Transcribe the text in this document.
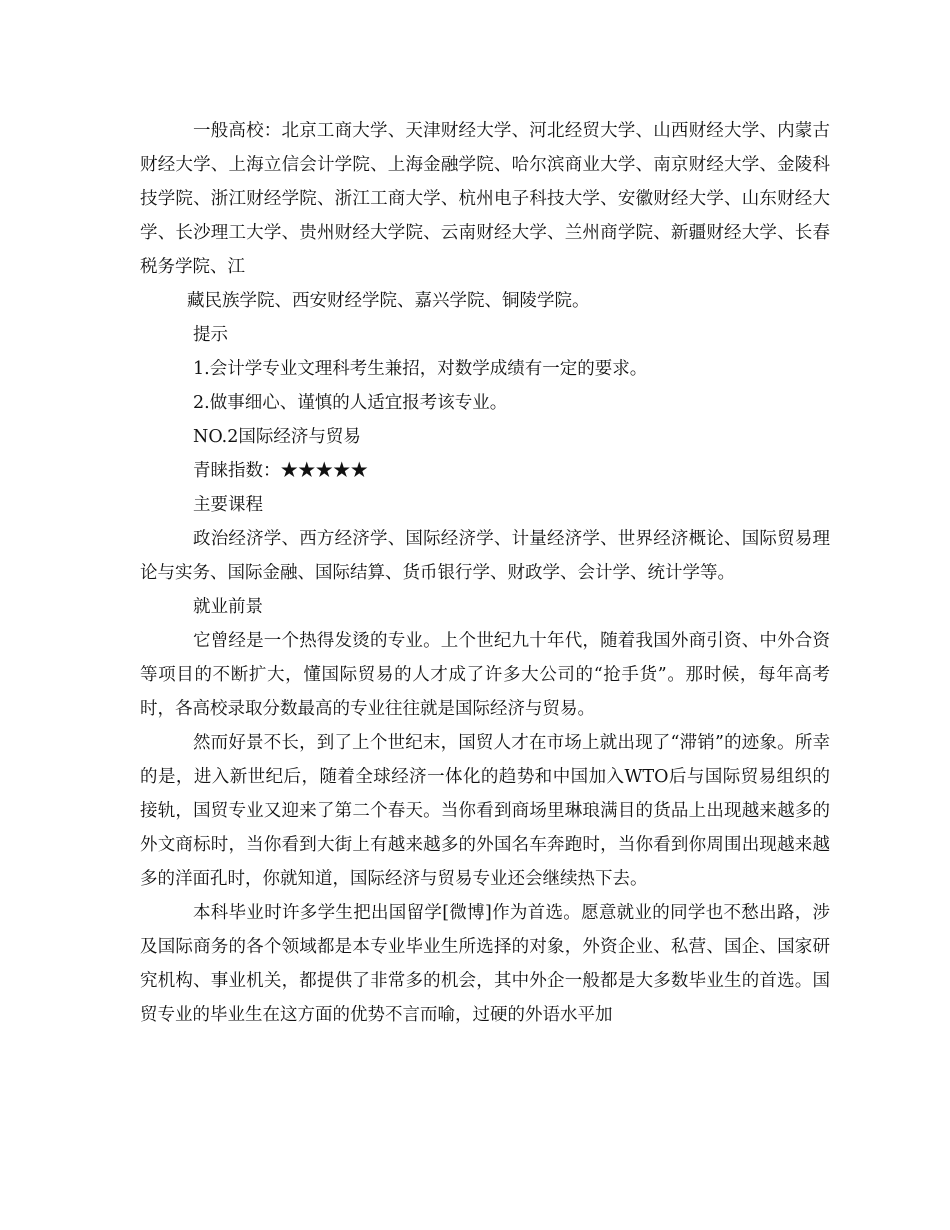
一般高校：北京工商大学、天津财经大学、河北经贸大学、山西财经大学、内蒙古财经大学、上海立信会计学院、上海金融学院、哈尔滨商业大学、南京财经大学、金陵科技学院、浙江财经学院、浙江工商大学、杭州电子科技大学、安徽财经大学、山东财经大学、长沙理工大学、贵州财经大学院、云南财经大学、兰州商学院、新疆财经大学、长春税务学院、江

藏民族学院、西安财经学院、嘉兴学院、铜陵学院。

提示

1.会计学专业文理科考生兼招，对数学成绩有一定的要求。

2.做事细心、谨慎的人适宜报考该专业。

NO.2国际经济与贸易

青睐指数：★★★★★

主要课程

政治经济学、西方经济学、国际经济学、计量经济学、世界经济概论、国际贸易理论与实务、国际金融、国际结算、货币银行学、财政学、会计学、统计学等。

就业前景

它曾经是一个热得发烫的专业。上个世纪九十年代，随着我国外商引资、中外合资等项目的不断扩大，懂国际贸易的人才成了许多大公司的“抢手货”。那时候，每年高考时，各高校录取分数最高的专业往往就是国际经济与贸易。

然而好景不长，到了上个世纪末，国贸人才在市场上就出现了“滞销”的迹象。所幸的是，进入新世纪后，随着全球经济一体化的趋势和中国加入WTO后与国际贸易组织的接轨，国贸专业又迎来了第二个春天。当你看到商场里琳琅满目的货品上出现越来越多的外文商标时，当你看到大街上有越来越多的外国名车奔跑时，当你看到你周围出现越来越多的洋面孔时，你就知道，国际经济与贸易专业还会继续热下去。

本科毕业时许多学生把出国留学[微博]作为首选。愿意就业的同学也不愁出路，涉及国际商务的各个领域都是本专业毕业生所选择的对象，外资企业、私营、国企、国家研究机构、事业机关，都提供了非常多的机会，其中外企一般都是大多数毕业生的首选。国贸专业的毕业生在这方面的优势不言而喻，过硬的外语水平加
